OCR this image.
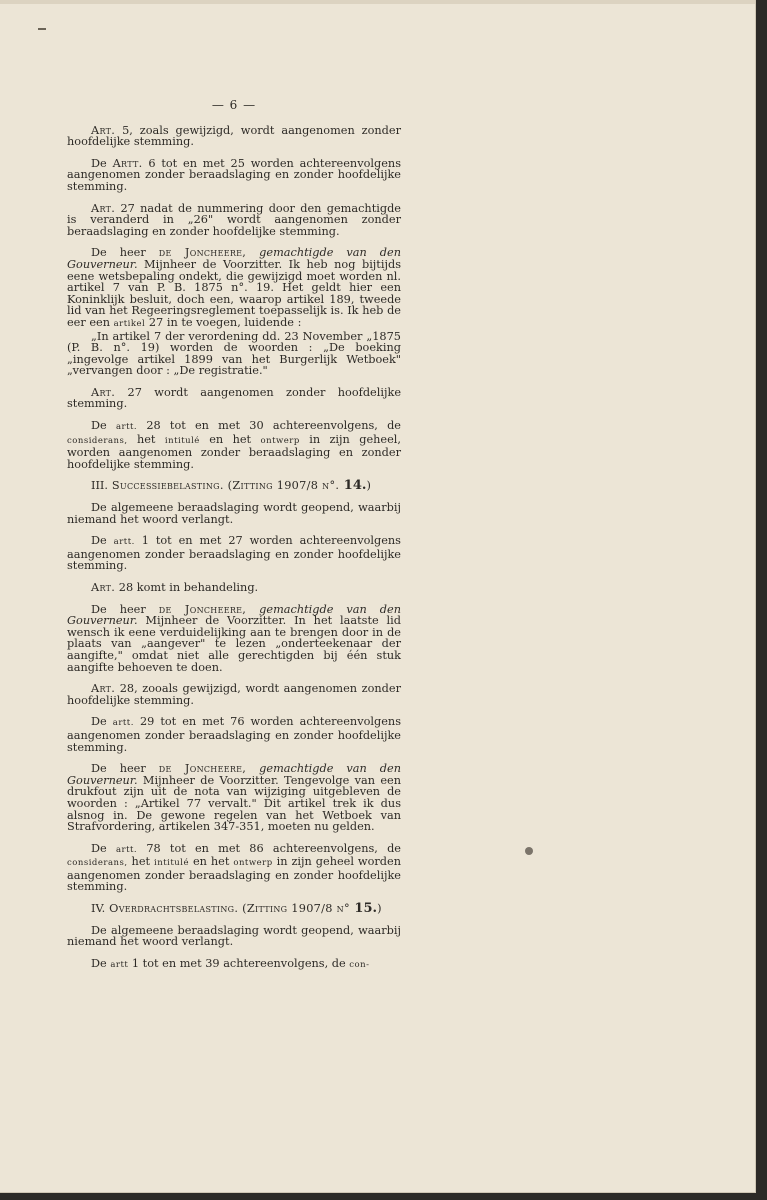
— 6 —

Art. 5, zoals gewijzigd, wordt aangenomen zonder hoofdelijke stemming.

De Artt. 6 tot en met 25 worden achtereenvolgens aangenomen zonder beraadslaging en zonder hoofdelijke stemming.

Art. 27 nadat de nummering door den gemachtigde is veranderd in „26" wordt aangenomen zonder beraadslaging en zonder hoofdelijke stemming.

De heer de Joncheere, gemachtigde van den Gouverneur. Mijnheer de Voorzitter. Ik heb nog bijtijds eene wetsbepaling ondekt, die gewijzigd moet worden nl. artikel 7 van P. B. 1875 n°. 19. Het geldt hier een Koninklijk besluit, doch een, waarop artikel 189, tweede lid van het Regeeringsreglement toepasselijk is. Ik heb de eer een artikel 27 in te voegen, luidende :

„In artikel 7 der verordening dd. 23 November „1875 (P. B. n°. 19) worden de woorden : „De boeking „ingevolge artikel 1899 van het Burgerlijk Wetboek" „vervangen door : „De registratie."

Art. 27 wordt aangenomen zonder hoofdelijke stemming.

De artt. 28 tot en met 30 achtereenvolgens, de considerans, het intitulé en het ontwerp in zijn geheel, worden aangenomen zonder beraadslaging en zonder hoofdelijke stemming.

III. Successiebelasting. (Zitting 1907/8 n°. 14.)

De algemeene beraadslaging wordt geopend, waarbij niemand het woord verlangt.

De artt. 1 tot en met 27 worden achtereenvolgens aangenomen zonder beraadslaging en zonder hoofdelijke stemming.

Art. 28 komt in behandeling.

De heer de Joncheere, gemachtigde van den Gouverneur. Mijnheer de Voorzitter. In het laatste lid wensch ik eene verduidelijking aan te brengen door in de plaats van „aangever" te lezen „onderteekenaar der aangifte," omdat niet alle gerechtigden bij één stuk aangifte behoeven te doen.

Art. 28, zooals gewijzigd, wordt aangenomen zonder hoofdelijke stemming.

De artt. 29 tot en met 76 worden achtereenvolgens aangenomen zonder beraadslaging en zonder hoofdelijke stemming.

De heer de Joncheere, gemachtigde van den Gouverneur. Mijnheer de Voorzitter. Tengevolge van een drukfout zijn uit de nota van wijziging uitgebleven de woorden : „Artikel 77 vervalt." Dit artikel trek ik dus alsnog in. De gewone regelen van het Wetboek van Strafvordering, artikelen 347-351, moeten nu gelden.

De artt. 78 tot en met 86 achtereenvolgens, de considerans, het intitulé en het ontwerp in zijn geheel worden aangenomen zonder beraadslaging en zonder hoofdelijke stemming.

IV. Overdrachtsbelasting. (Zitting 1907/8 n° 15.)

De algemeene beraadslaging wordt geopend, waarbij niemand het woord verlangt.

De artt 1 tot en met 39 achtereenvolgens, de con-
